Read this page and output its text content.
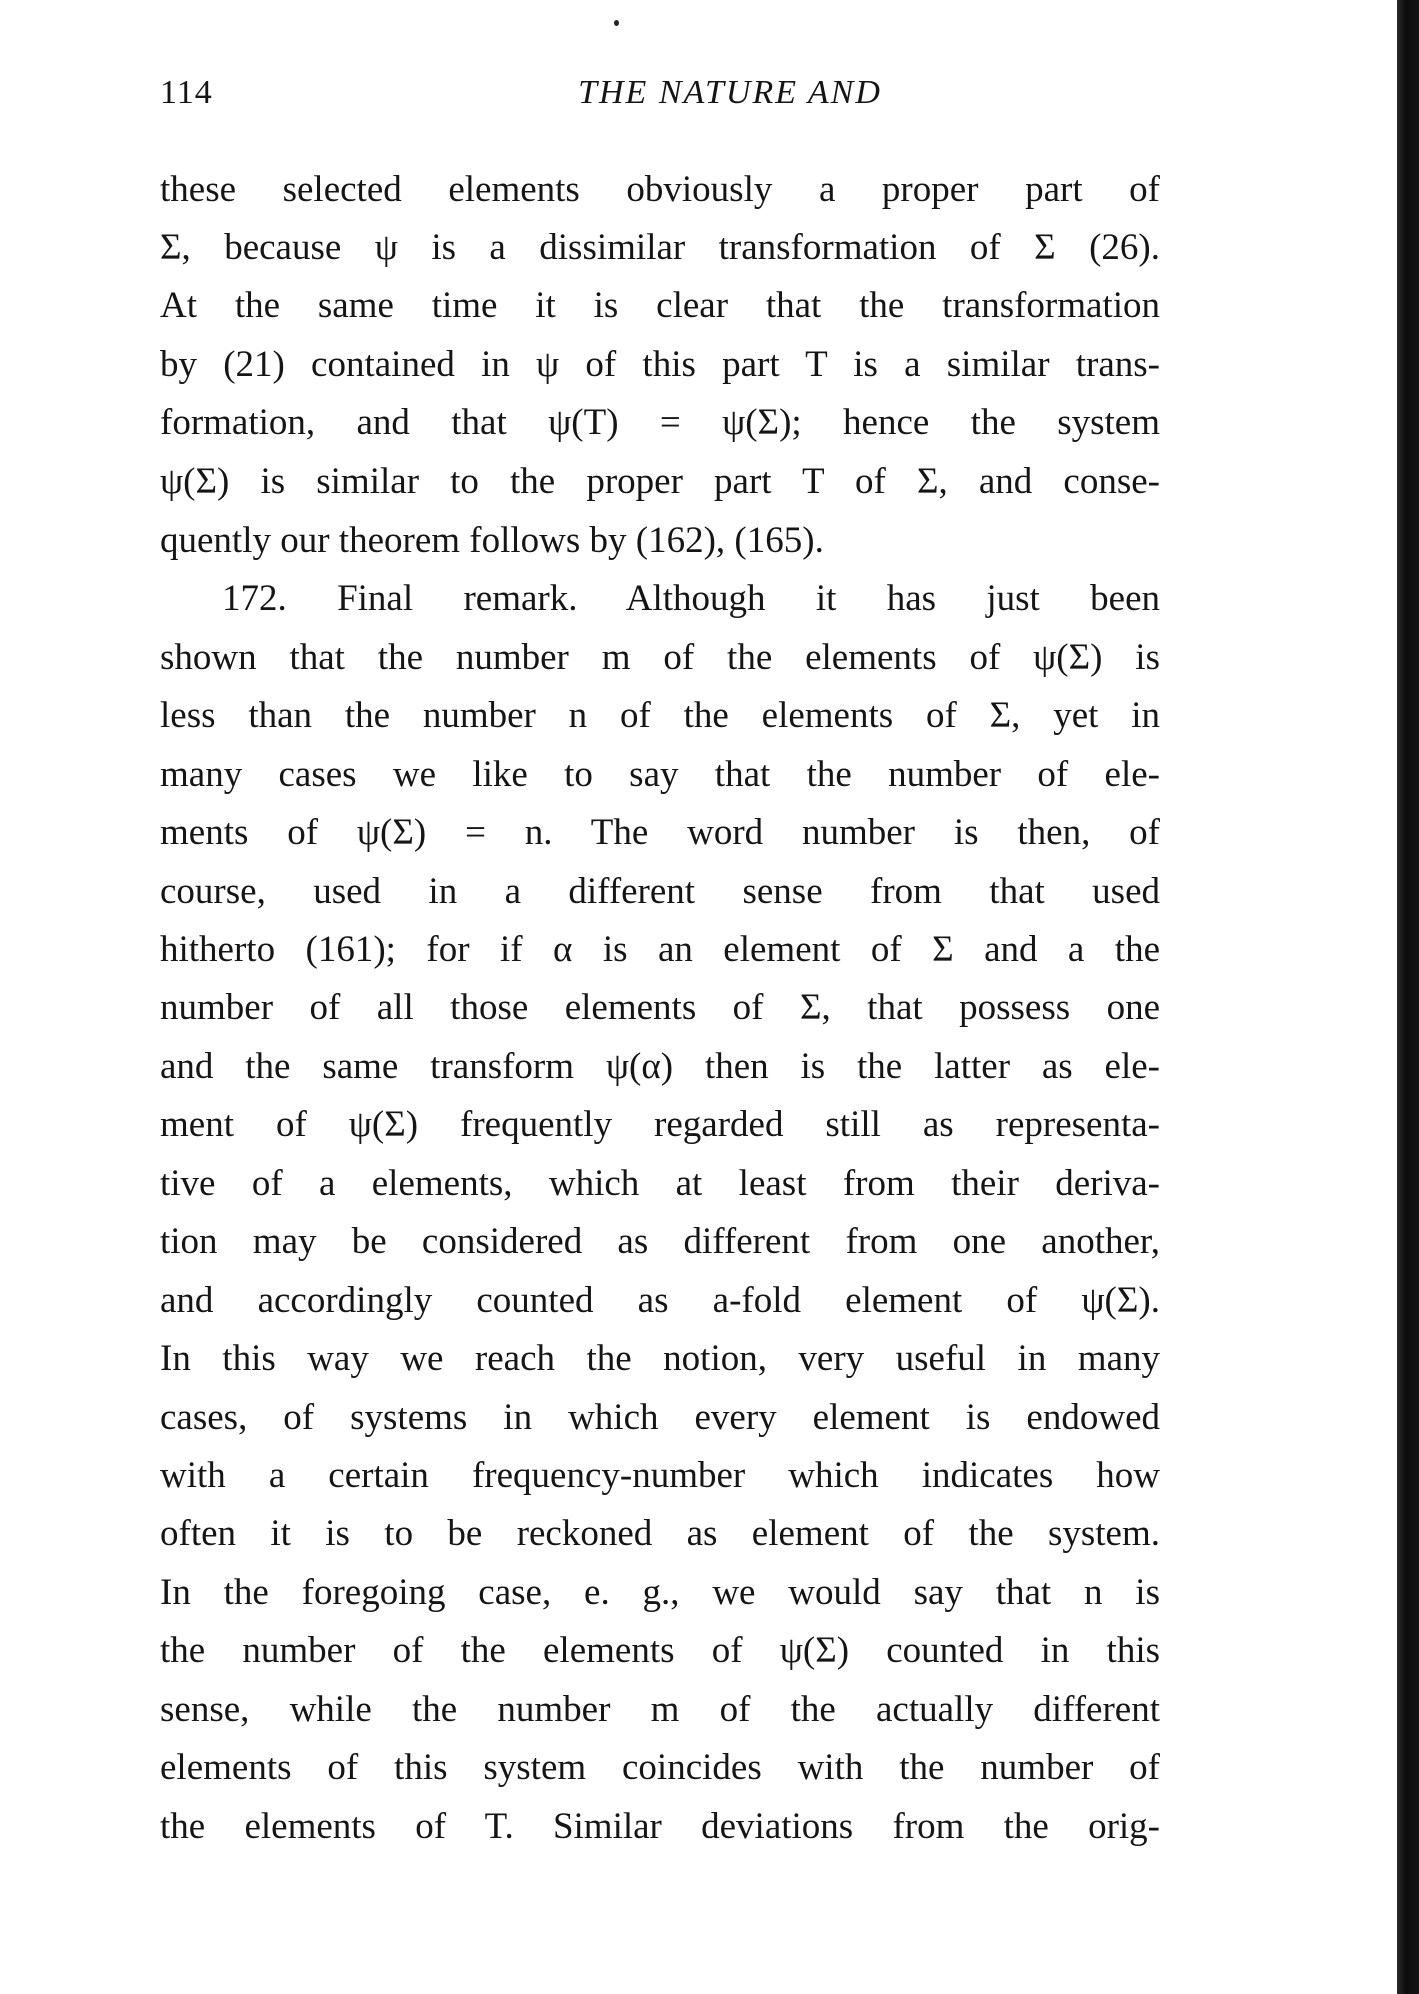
114	THE NATURE AND
these selected elements obviously a proper part of
Σ, because ψ is a dissimilar transformation of Σ (26).
At the same time it is clear that the transformation
by (21) contained in ψ of this part T is a similar trans-
formation, and that ψ(T) = ψ(Σ); hence the system
ψ(Σ) is similar to the proper part T of Σ, and conse-
quently our theorem follows by (162), (165).
172. Final remark. Although it has just been
shown that the number m of the elements of ψ(Σ) is
less than the number n of the elements of Σ, yet in
many cases we like to say that the number of ele-
ments of ψ(Σ) = n. The word number is then, of
course, used in a different sense from that used
hitherto (161); for if α is an element of Σ and a the
number of all those elements of Σ, that possess one
and the same transform ψ(α) then is the latter as ele-
ment of ψ(Σ) frequently regarded still as representa-
tive of a elements, which at least from their deriva-
tion may be considered as different from one another,
and accordingly counted as a-fold element of ψ(Σ).
In this way we reach the notion, very useful in many
cases, of systems in which every element is endowed
with a certain frequency-number which indicates how
often it is to be reckoned as element of the system.
In the foregoing case, e. g., we would say that n is
the number of the elements of ψ(Σ) counted in this
sense, while the number m of the actually different
elements of this system coincides with the number of
the elements of T. Similar deviations from the orig-
